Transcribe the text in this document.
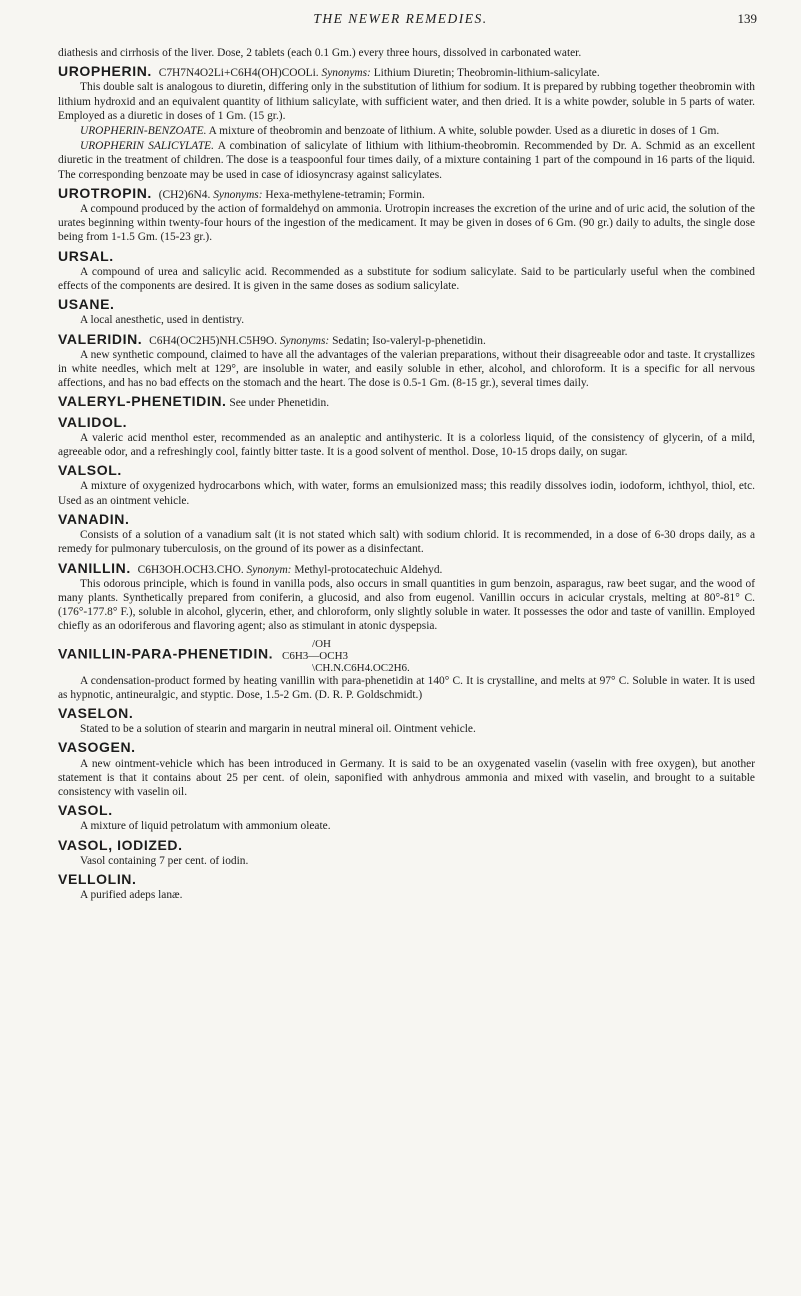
THE NEWER REMEDIES.	139

diathesis and cirrhosis of the liver. Dose, 2 tablets (each 0.1 Gm.) every three hours, dissolved in carbonated water.

UROPHERIN. C7H7N4O2Li+C6H4(OH)COOLi. Synonyms: Lithium Diuretin; Theobromin-lithium-salicylate.

This double salt is analogous to diuretin, differing only in the substitution of lithium for sodium. It is prepared by rubbing together theobromin with lithium hydroxid and an equivalent quantity of lithium salicylate, with sufficient water, and then dried. It is a white powder, soluble in 5 parts of water. Employed as a diuretic in doses of 1 Gm. (15 gr.).

UROPHERIN-BENZOATE. A mixture of theobromin and benzoate of lithium. A white, soluble powder. Used as a diuretic in doses of 1 Gm.

UROPHERIN SALICYLATE. A combination of salicylate of lithium with lithium-theobromin. Recommended by Dr. A. Schmid as an excellent diuretic in the treatment of children. The dose is a teaspoonful four times daily, of a mixture containing 1 part of the compound in 16 parts of the liquid. The corresponding benzoate may be used in case of idiosyncrasy against salicylates.

UROTROPIN. (CH2)6N4. Synonyms: Hexa-methylene-tetramin; Formin.

A compound produced by the action of formaldehyd on ammonia. Urotropin increases the excretion of the urine and of uric acid, the solution of the urates beginning within twenty-four hours of the ingestion of the medicament. It may be given in doses of 6 Gm. (90 gr.) daily to adults, the single dose being from 1-1.5 Gm. (15-23 gr.).

URSAL.

A compound of urea and salicylic acid. Recommended as a substitute for sodium salicylate. Said to be particularly useful when the combined effects of the components are desired. It is given in the same doses as sodium salicylate.

USANE.

A local anesthetic, used in dentistry.

VALERIDIN. C6H4(OC2H5)NH.C5H9O. Synonyms: Sedatin; Iso-valeryl-p-phenetidin.

A new synthetic compound, claimed to have all the advantages of the valerian preparations, without their disagreeable odor and taste. It crystallizes in white needles, which melt at 129°, are insoluble in water, and easily soluble in ether, alcohol, and chloroform. It is a specific for all nervous affections, and has no bad effects on the stomach and the heart. The dose is 0.5-1 Gm. (8-15 gr.), several times daily.

VALERYL-PHENETIDIN. See under Phenetidin.
VALIDOL.

A valeric acid menthol ester, recommended as an analeptic and antihysteric. It is a colorless liquid, of the consistency of glycerin, of a mild, agreeable odor, and a refreshingly cool, faintly bitter taste. It is a good solvent of menthol. Dose, 10-15 drops daily, on sugar.

VALSOL.

A mixture of oxygenized hydrocarbons which, with water, forms an emulsionized mass; this readily dissolves iodin, iodoform, ichthyol, thiol, etc. Used as an ointment vehicle.

VANADIN.

Consists of a solution of a vanadium salt (it is not stated which salt) with sodium chlorid. It is recommended, in a dose of 6-30 drops daily, as a remedy for pulmonary tuberculosis, on the ground of its power as a disinfectant.

VANILLIN. C6H3OH.OCH3.CHO. Synonym: Methyl-protocatechuic Aldehyd.

This odorous principle, which is found in vanilla pods, also occurs in small quantities in gum benzoin, asparagus, raw beet sugar, and the wood of many plants. Synthetically prepared from coniferin, a glucosid, and also from eugenol. Vanillin occurs in acicular crystals, melting at 80°-81° C. (176°-177.8° F.), soluble in alcohol, glycerin, ether, and chloroform, only slightly soluble in water. It possesses the odor and taste of vanillin. Employed chiefly as an odoriferous and flavoring agent; also as stimulant in atonic dyspepsia.

VANILLIN-PARA-PHENETIDIN.
/OH
C6H3—OCH3
\CH.N.C6H4.OC2H6.

A condensation-product formed by heating vanillin with para-phenetidin at 140° C. It is crystalline, and melts at 97° C. Soluble in water. It is used as hypnotic, antineuralgic, and styptic. Dose, 1.5-2 Gm. (D. R. P. Goldschmidt.)

VASELON.

Stated to be a solution of stearin and margarin in neutral mineral oil. Ointment vehicle.

VASOGEN.

A new ointment-vehicle which has been introduced in Germany. It is said to be an oxygenated vaselin (vaselin with free oxygen), but another statement is that it contains about 25 per cent. of olein, saponified with anhydrous ammonia and mixed with vaselin, and brought to a suitable consistency with vaselin oil.

VASOL.

A mixture of liquid petrolatum with ammonium oleate.

VASOL, IODIZED.

Vasol containing 7 per cent. of iodin.

VELLOLIN.

A purified adeps lanæ.
